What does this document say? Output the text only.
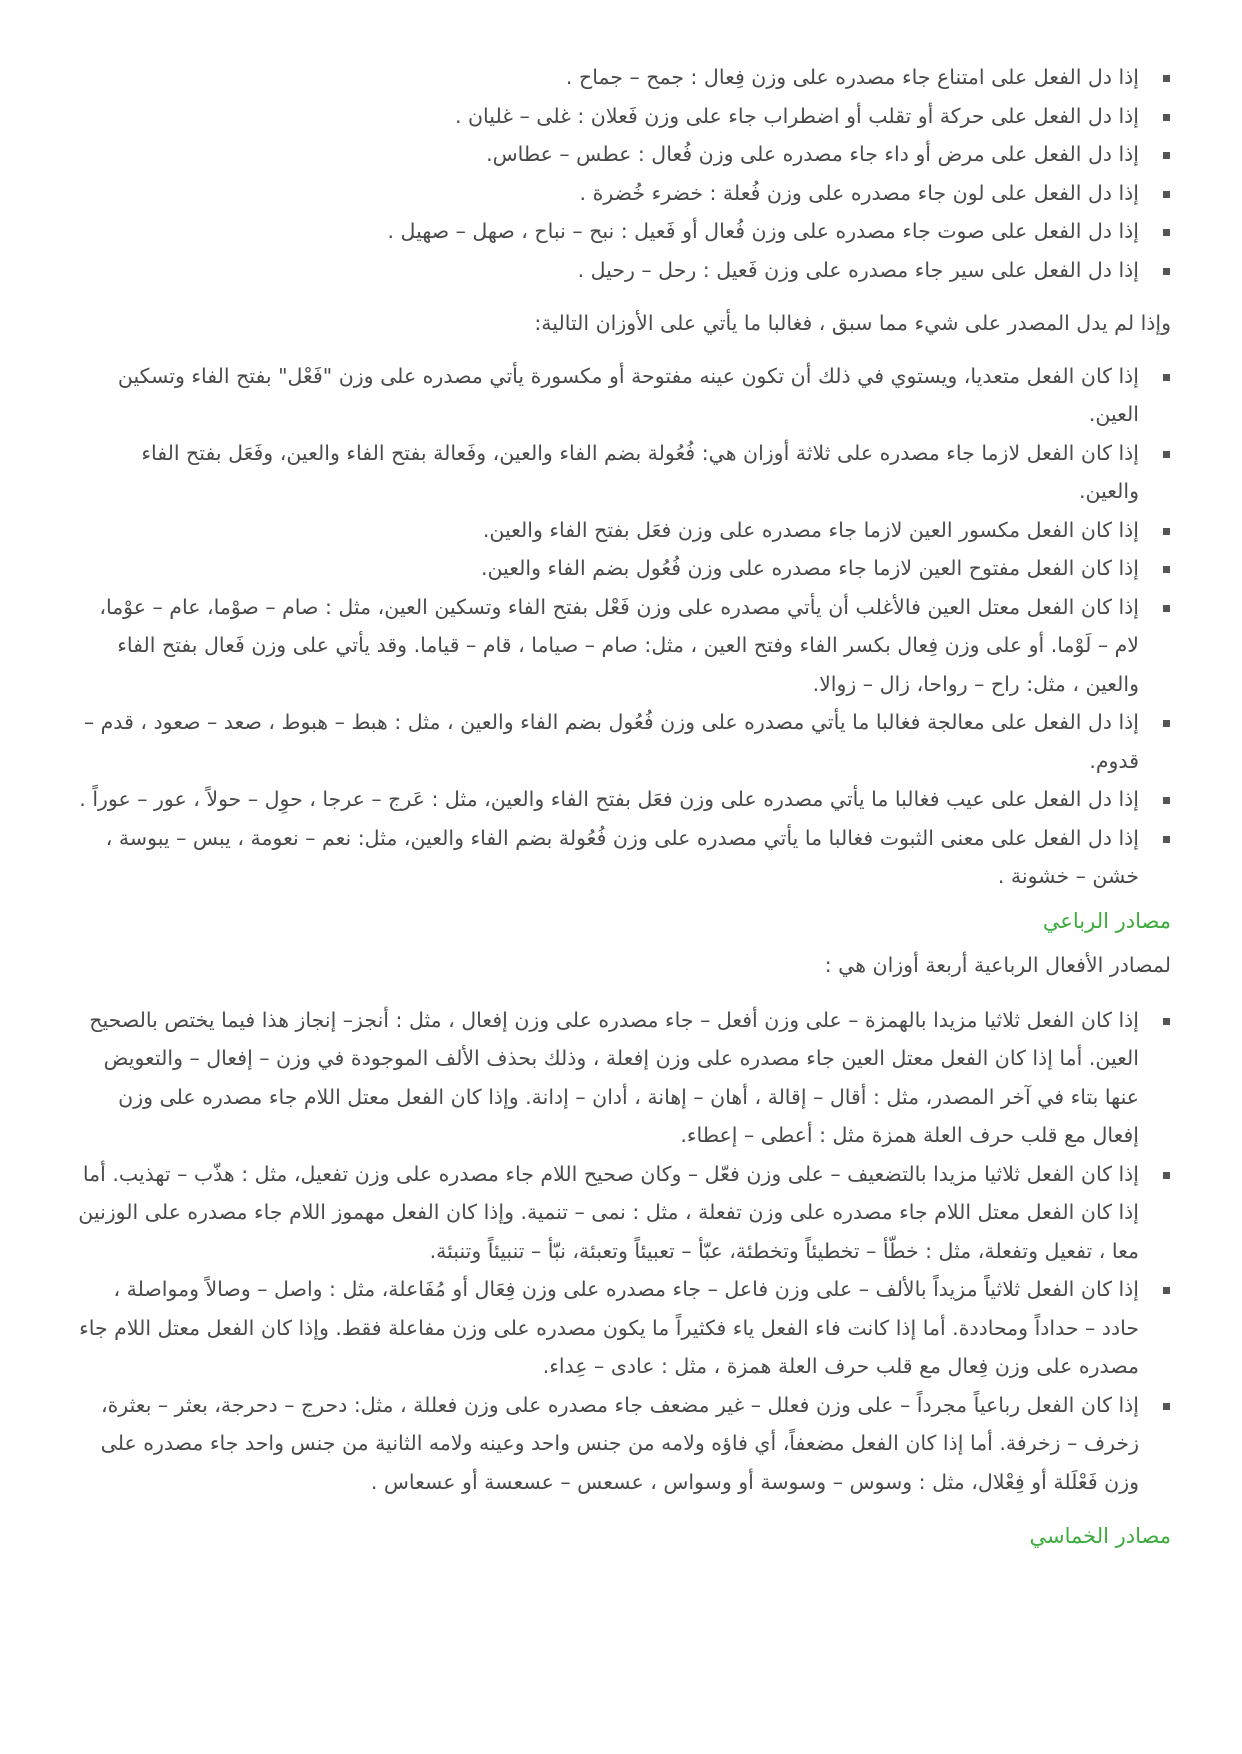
إذا دل الفعل على امتناع جاء مصدره على وزن فِعال : جمح – جماح .
إذا دل الفعل على حركة أو تقلب أو اضطراب جاء على وزن فَعلان : غلى – غليان .
إذا دل الفعل على مرض أو داء جاء مصدره على وزن فُعال : عطس – عطاس.
إذا دل الفعل على لون جاء مصدره على وزن فُعلة : خضرء خُضرة .
إذا دل الفعل على صوت جاء مصدره على وزن فُعال أو فَعيل : نبح – نباح ، صهل – صهيل .
إذا دل الفعل على سير جاء مصدره على وزن فَعيل : رحل – رحيل .

وإذا لم يدل المصدر على شيء مما سبق ، فغالبا ما يأتي على الأوزان التالية:

إذا كان الفعل متعديا، ويستوي في ذلك أن تكون عينه مفتوحة أو مكسورة يأتي مصدره على وزن "فَعْل" بفتح الفاء وتسكين العين.
إذا كان الفعل لازما جاء مصدره على ثلاثة أوزان هي: فُعُولة بضم الفاء والعين، وفَعالة بفتح الفاء والعين، وفَعَل بفتح الفاء والعين.
إذا كان الفعل مكسور العين لازما جاء مصدره على وزن فعَل بفتح الفاء والعين.
إذا كان الفعل مفتوح العين لازما جاء مصدره على وزن فُعُول بضم الفاء والعين.
إذا كان الفعل معتل العين فالأغلب أن يأتي مصدره على وزن فَعْل بفتح الفاء وتسكين العين، مثل : صام – صوْما، عام – عوْما، لام – لَوْما. أو على وزن فِعال بكسر الفاء وفتح العين ، مثل: صام – صياما ، قام – قياما. وقد يأتي على وزن فَعال بفتح الفاء والعين ، مثل: راح – رواحا، زال – زوالا.
إذا دل الفعل على معالجة فغالبا ما يأتي مصدره على وزن فُعُول بضم الفاء والعين ، مثل : هبط – هبوط ، صعد – صعود ، قدم – قدوم.
إذا دل الفعل على عيب فغالبا ما يأتي مصدره على وزن فعَل بفتح الفاء والعين، مثل : عَرج – عرجا ، حوِل – حولاً ، عور – عوراً .
إذا دل الفعل على معنى الثبوت فغالبا ما يأتي مصدره على وزن فُعُولة بضم الفاء والعين، مثل: نعم – نعومة ، يبس – يبوسة ، خشن – خشونة .
مصادر الرباعي

لمصادر الأفعال الرباعية أربعة أوزان هي :

إذا كان الفعل ثلاثيا مزيدا بالهمزة – على وزن أفعل – جاء مصدره على وزن إفعال ، مثل : أنجز– إنجاز هذا فيما يختص بالصحيح العين. أما إذا كان الفعل معتل العين جاء مصدره على وزن إفعلة ، وذلك بحذف الألف الموجودة في وزن – إفعال – والتعويض عنها بتاء في آخر المصدر، مثل : أقال – إقالة ، أهان – إهانة ، أدان – إدانة. وإذا كان الفعل معتل اللام جاء مصدره على وزن إفعال مع قلب حرف العلة همزة مثل : أعطى – إعطاء.
إذا كان الفعل ثلاثيا مزيدا بالتضعيف – على وزن فعّل – وكان صحيح اللام جاء مصدره على وزن تفعيل، مثل : هذّب – تهذيب. أما إذا كان الفعل معتل اللام جاء مصدره على وزن تفعلة ، مثل : نمى – تنمية. وإذا كان الفعل مهموز اللام جاء مصدره على الوزنين معا ، تفعيل وتفعلة، مثل : خطّأ – تخطيئاً وتخطئة، عبّأ – تعبيئاً وتعبئة، نبّأ – تنبيئاً وتنبئة.
إذا كان الفعل ثلاثياً مزيداً بالألف – على وزن فاعل – جاء مصدره على وزن فِعَال أو مُفَاعلة، مثل : واصل – وصالاً ومواصلة ، حادد – حداداً ومحاددة. أما إذا كانت فاء الفعل ياء فكثيراً ما يكون مصدره على وزن مفاعلة فقط. وإذا كان الفعل معتل اللام جاء مصدره على وزن فِعال مع قلب حرف العلة همزة ، مثل : عادى – عِداء.
إذا كان الفعل رباعياً مجرداً – على وزن فعلل – غير مضعف جاء مصدره على وزن فعللة ، مثل: دحرج – دحرجة، بعثر – بعثرة، زخرف – زخرفة. أما إذا كان الفعل مضعفاً، أي فاؤه ولامه من جنس واحد وعينه ولامه الثانية من جنس واحد جاء مصدره على وزن فَعْلَلة أو فِعْلال، مثل : وسوس – وسوسة أو وسواس ، عسعس – عسعسة أو عسعاس .
مصادر الخماسي
